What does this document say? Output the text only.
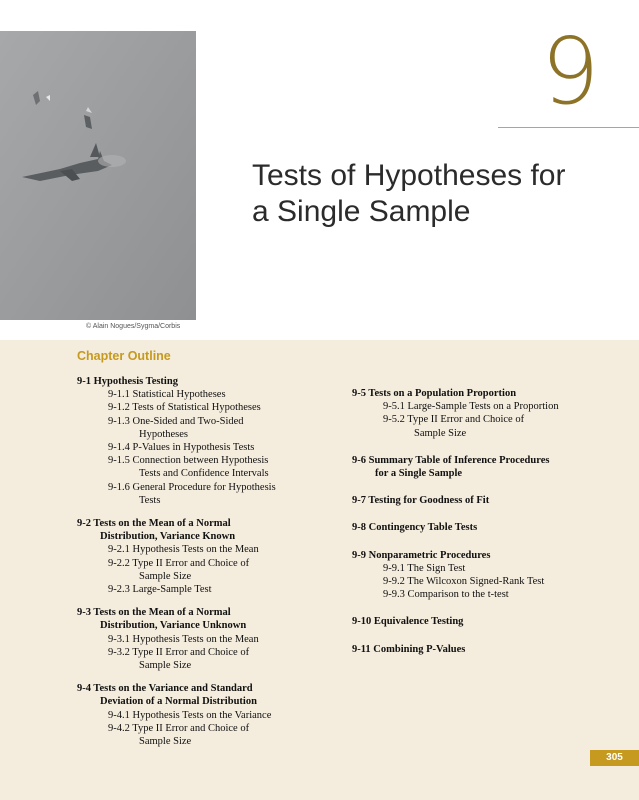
© Alain Nogues/Sygma/Corbis
9
Tests of Hypotheses for
a Single Sample
Chapter Outline
9-1 Hypothesis Testing
9-1.1 Statistical Hypotheses
9-1.2 Tests of Statistical Hypotheses
9-1.3 One-Sided and Two-Sided
Hypotheses
9-1.4 P-Values in Hypothesis Tests
9-1.5 Connection between Hypothesis
Tests and Confidence Intervals
9-1.6 General Procedure for Hypothesis
Tests
9-2 Tests on the Mean of a Normal
Distribution, Variance Known
9-2.1 Hypothesis Tests on the Mean
9-2.2 Type II Error and Choice of
Sample Size
9-2.3 Large-Sample Test
9-3 Tests on the Mean of a Normal
Distribution, Variance Unknown
9-3.1 Hypothesis Tests on the Mean
9-3.2 Type II Error and Choice of
Sample Size
9-4 Tests on the Variance and Standard
Deviation of a Normal Distribution
9-4.1 Hypothesis Tests on the Variance
9-4.2 Type II Error and Choice of
Sample Size
9-5 Tests on a Population Proportion
9-5.1 Large-Sample Tests on a Proportion
9-5.2 Type II Error and Choice of
Sample Size
9-6 Summary Table of Inference Procedures
for a Single Sample
9-7 Testing for Goodness of Fit
9-8 Contingency Table Tests
9-9 Nonparametric Procedures
9-9.1 The Sign Test
9-9.2 The Wilcoxon Signed-Rank Test
9-9.3 Comparison to the t-test
9-10 Equivalence Testing
9-11 Combining P-Values
305
